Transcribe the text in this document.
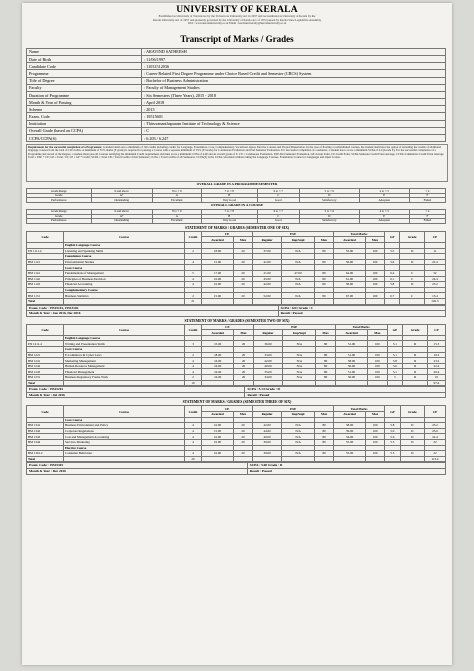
UNIVERSITY OF KERALA
Established as University of Travancore by the Travancore University Act in 1937 and reconstituted as University of Kerala by the
Kerala University Act of 1957 and presently governed by the University of Kerala Act of 1974 passed by Kerala State Legislative Assembly
Web : www.keralauniversity.ac.in Email : keralauniversity@keralauniversity.ac.in
Transcript of Marks / Grades
Name	: ARAVIND SATHEESH
Date of Birth	: 11/06/1997
Candidate Code	: 11031512036
Programme	: Career Related First Degree Programme under Choice Based Credit and Semester (CBCS) System
Title of Degree	: Bachelor of Business Administration
Faculty	: Faculty of Management Studies
Duration of Programme	: Six Semesters (Three Years), 2015 - 2018
Month & Year of Passing	: April 2018
Scheme	: 2015
Exam. Code	: 19515601
Institution	: Thiruvananthapuram Institute of Technology & Science
Overall Grade (based on CCPA)	: C
CCPA/CCPA(S)	: 6.203 / 6.247
Requirement for the successful completion of a Programme: A student shall earn a minimum of 120 credits including credits for Language, Foundation, Core, Complementary, Vocational, Open, Elective Courses and Project/Dissertation. In the case of floating or redistributed courses, the student shall have the option of including the credits of additional language courses from the total of 120 credits. A minimum of 35% marks (E grade) is required for passing a Course with a separate minimum of 35% (E Grade) for Continuous Evaluation and End Semester Evaluation. For successful completion of a semester, a student has to score a minimum SCPA of 4.0 (Grade E). For the successful completion of a Programme and award of the Degree, a student must pass all Courses satisfying the minimum Credit requirement and must score a minimum CCPA of 4.00 and an overall grade of E. CE = Continuous Evaluation, ESE-End Semester Evaluation, GP=Grade Point, CP-Credit Point, SCPA-Semester Credit Point Average, CCPA=Cumulative Credit Point Average. Total = ESE + CE; GP = Total / 10; CP = GP * Credit; SCPA = Total CPs / Total Credits of that Semester; CCPA = Total Credits of all Semesters. CCPA(S) is the CCPA calculated without taking the Language Courses, Foundation Course for Languages and Open Course.
OVERALL GRADE IN A PROGRAMME/SEMESTER
Grade Range	9 and above	8 to < 9	7 to < 8	6 to < 7	5 to < 6	4 to < 5	< 4
Grade	A+	A	B	C	D	E	F
Performance	Outstanding	Excellent	Very Good	Good	Satisfactory	Adequate	Failed
OVERALL GRADE IN A COURSE
Grade Range	9 and above	8 to < 9	7 to < 8	6 to < 7	5 to < 6	4 to < 5	< 4
Grade	A+	A	B	C	D	E	F
Performance	Outstanding	Excellent	Very Good	Good	Satisfactory	Adequate	Failed
STATEMENT OF MARKS / GRADES (SEMESTER ONE OF SIX)
Code	Course	Credit	CE		ESE			Total Marks		GP	Grade	CP
			Awarded	Max	Regular	Imp/Supl	Max	Awarded	Max			
	English Language Course											
EN 1111.4	Listening and Speaking Skills	2	18.00	20	37.00	N/A	80	55.00	100	5.5	D	11
	Foundation Course											
BM 1121	Environmental Studies	4	15.00	20	41.00	N/A	80	56.00	100	5.6	D	22.4
	Core Course											
BM 1141	Fundamentals of Management	5	17.00	20	21.00	47.00	80	64.00	100	6.4	C	32
BM 1142	Principles of Business Decision	4	16.00	20	45.00	N/A	80	61.00	100	6.1	C	24.4
BM 1143	Financial Accounting	4	16.00	20	42.00	N/A	80	58.00	100	5.8	D	23.2
	Complementary Course											
BM 1131	Business Statistics	2	15.00	20	52.00	N/A	80	67.00	100	6.7	C	13.4
Total		21										126.3
Exam. Code : 19515101, 19515102	SCPA : 6.01 Grade : C
Month & Year : Jan 2016, Dec 2016	Result : Passed
STATEMENT OF MARKS / GRADES (SEMESTER TWO OF SIX)
Code	Course	Credit	CE		ESE			Total Marks		GP	Grade	CP
			Awarded	Max	Regular	Imp/Supl	Max	Awarded	Max			
	English Language Course											
EN 1211.4	Writing and Presentation Skills	3	15.00	20	36.00	N/A	80	51.00	100	5.1	D	15.3
	Core Course											
BM 1221	E-Commerce & Cyber Laws	2	18.00	20	33.00	N/A	80	51.00	100	5.1	D	10.2
BM 1241	Marketing Management	4	16.00	20	42.00	N/A	80	58.00	100	5.8	D	23.2
BM 1242	Human Resource Management	4	16.00	20	40.00	N/A	80	56.00	100	5.6	D	22.4
BM 1243	Financial Management	4	16.00	20	35.00	N/A	80	51.00	100	5.1	D	20.4
BM 1231	Business Regulatory Frame Work	2	16.00	20	34.00	N/A	80	50.00	100	5	D	10
Total		19										97.6
Exam. Code : 19515201	SCPA : 5.14 Grade : D
Month & Year : Jul 2016	Result : Passed
STATEMENT OF MARKS / GRADES (SEMESTER THREE OF SIX)
Code	Course	Credit	CE		ESE			Total Marks		GP	Grade	CP
			Awarded	Max	Regular	Imp/Supl	Max	Awarded	Max			
	Core Course											
BM 1341	Business Environment and Policy	4	16.00	20	42.00	N/A	80	58.00	100	5.8	D	23.2
BM 1342	Corporate Regulations	4	15.00	20	44.00	N/A	80	59.00	100	5.9	D	23.6
BM 1343	Cost and Management Accounting	4	16.00	20	40.00	N/A	80	56.00	100	5.6	D	22.4
BM 1344	Services Marketing	4	16.00	20	39.00	N/A	80	55.00	100	5.5	D	22
	Elective Course											
BM 1361.2	Consumer Behaviour	4	16.00	20	39.00	N/A	80	55.00	100	5.5	D	22
Total		20										113.2
Exam. Code : 19515301	SCPA : 5.68 Grade : D
Month & Year : Dec 2016	Result : Passed
